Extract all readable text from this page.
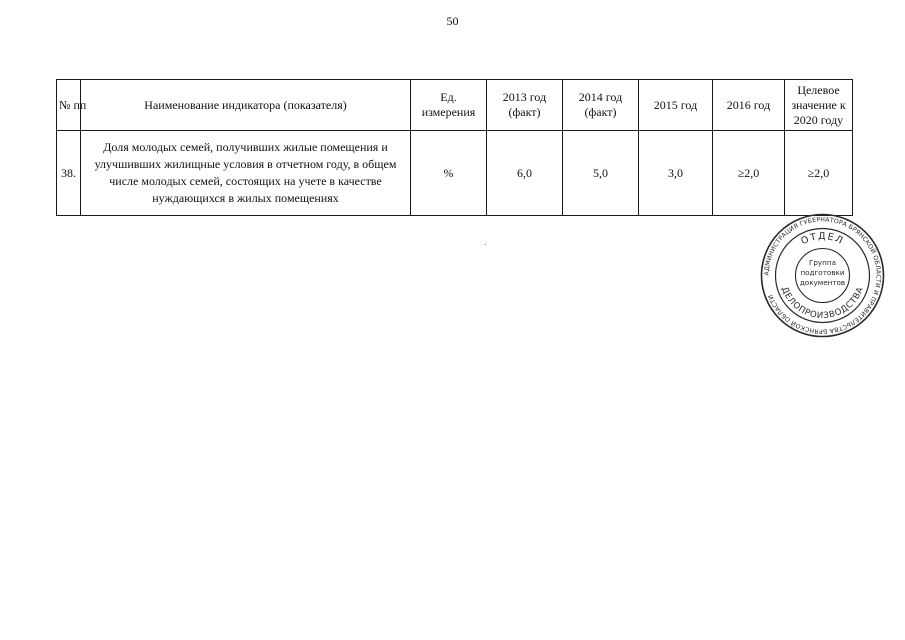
50
№ пп	Наименование индикатора (показателя)	Ед. измерения	2013 год (факт)	2014 год (факт)	2015 год	2016 год	Целевое значение к 2020 году
38.	Доля молодых семей, получивших жилые помещения и улучшивших жилищные условия в отчетном году, в общем числе молодых семей, состоящих на учете в качестве нуждающихся в жилых помещениях	%	6,0	5,0	3,0	≥2,0	≥2,0
АДМИНИСТРАЦИЯ ГУБЕРНАТОРА БРЯНСКОЙ ОБЛАСТИ И ПРАВИТЕЛЬСТВА БРЯНСКОЙ ОБЛАСТИ
ОТДЕЛ
ДЕЛОПРОИЗВОДСТВА
Группа
подготовки
документов
